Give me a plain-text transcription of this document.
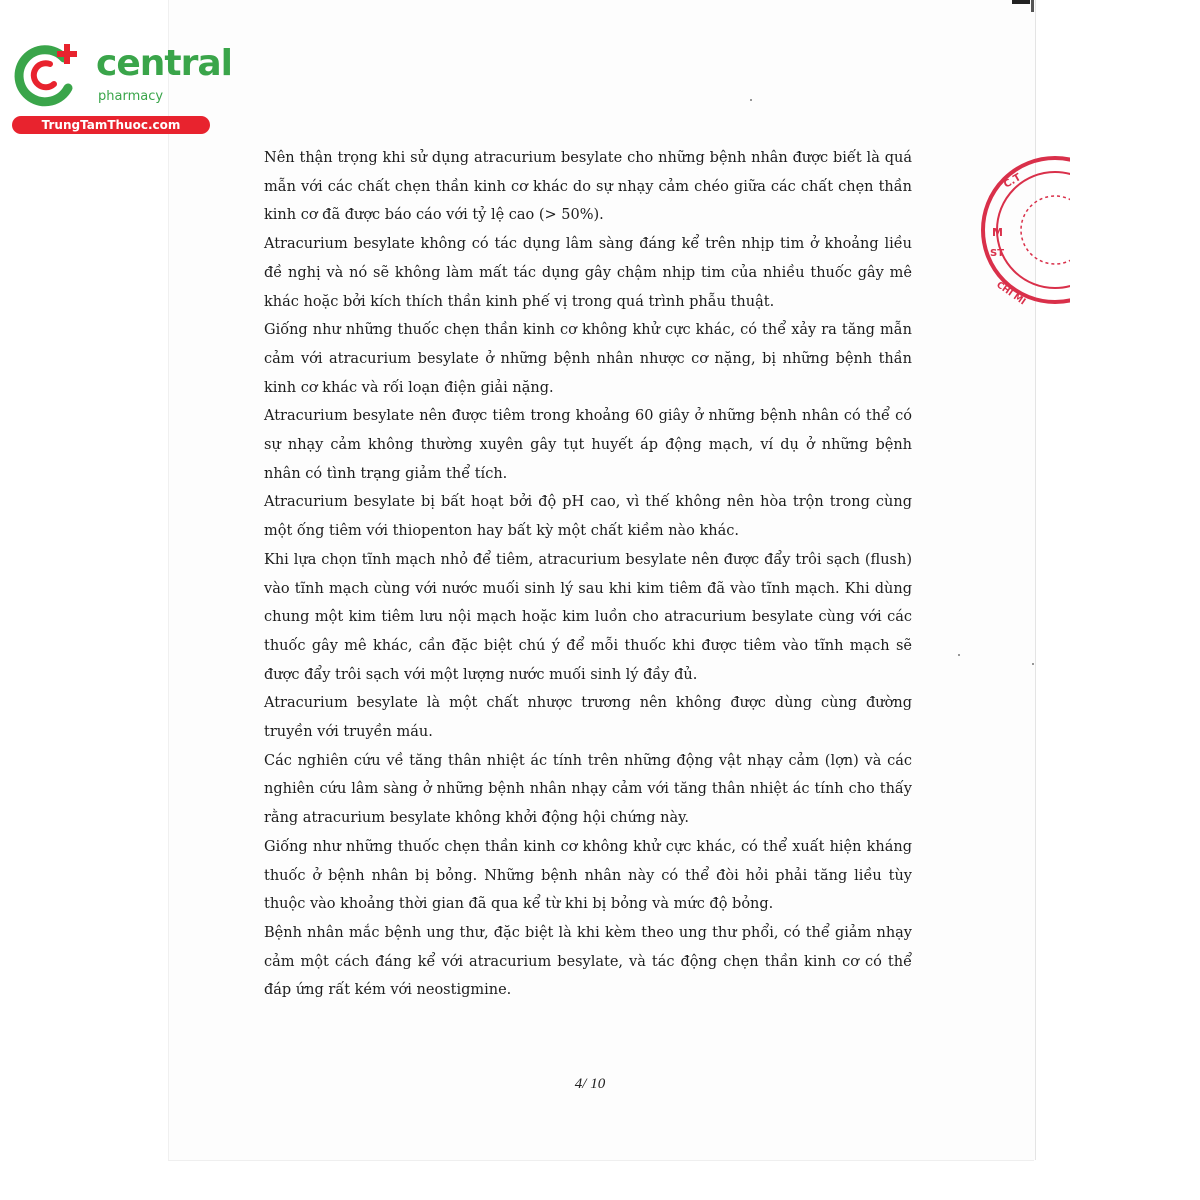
central
pharmacy
TrungTamThuoc.com
C.T
M
ST
CHI MI

Nên thận trọng khi sử dụng atracurium besylate cho những bệnh nhân được biết là quá mẫn với các chất chẹn thần kinh cơ khác do sự nhạy cảm chéo giữa các chất chẹn thần kinh cơ đã được báo cáo với tỷ lệ cao (> 50%).

Atracurium besylate không có tác dụng lâm sàng đáng kể trên nhịp tim ở khoảng liều đề nghị và nó sẽ không làm mất tác dụng gây chậm nhịp tim của nhiều thuốc gây mê khác hoặc bởi kích thích thần kinh phế vị trong quá trình phẫu thuật.

Giống như những thuốc chẹn thần kinh cơ không khử cực khác, có thể xảy ra tăng mẫn cảm với atracurium besylate ở những bệnh nhân nhược cơ nặng, bị những bệnh thần kinh cơ khác và rối loạn điện giải nặng.

Atracurium besylate nên được tiêm trong khoảng 60 giây ở những bệnh nhân có thể có sự nhạy cảm không thường xuyên gây tụt huyết áp động mạch, ví dụ ở những bệnh nhân có tình trạng giảm thể tích.

Atracurium besylate bị bất hoạt bởi độ pH cao, vì thế không nên hòa trộn trong cùng một ống tiêm với thiopenton hay bất kỳ một chất kiềm nào khác.

Khi lựa chọn tĩnh mạch nhỏ để tiêm, atracurium besylate nên được đẩy trôi sạch (flush) vào tĩnh mạch cùng với nước muối sinh lý sau khi kim tiêm đã vào tĩnh mạch. Khi dùng chung một kim tiêm lưu nội mạch hoặc kim luồn cho atracurium besylate cùng với các thuốc gây mê khác, cần đặc biệt chú ý để mỗi thuốc khi được tiêm vào tĩnh mạch sẽ được đẩy trôi sạch với một lượng nước muối sinh lý đầy đủ.

Atracurium besylate là một chất nhược trương nên không được dùng cùng đường truyền với truyền máu.

Các nghiên cứu về tăng thân nhiệt ác tính trên những động vật nhạy cảm (lợn) và các nghiên cứu lâm sàng ở những bệnh nhân nhạy cảm với tăng thân nhiệt ác tính cho thấy rằng atracurium besylate không khởi động hội chứng này.

Giống như những thuốc chẹn thần kinh cơ không khử cực khác, có thể xuất hiện kháng thuốc ở bệnh nhân bị bỏng. Những bệnh nhân này có thể đòi hỏi phải tăng liều tùy thuộc vào khoảng thời gian đã qua kể từ khi bị bỏng và mức độ bỏng.

Bệnh nhân mắc bệnh ung thư, đặc biệt là khi kèm theo ung thư phổi, có thể giảm nhạy cảm một cách đáng kể với atracurium besylate, và tác động chẹn thần kinh cơ có thể đáp ứng rất kém với neostigmine.

4/ 10
